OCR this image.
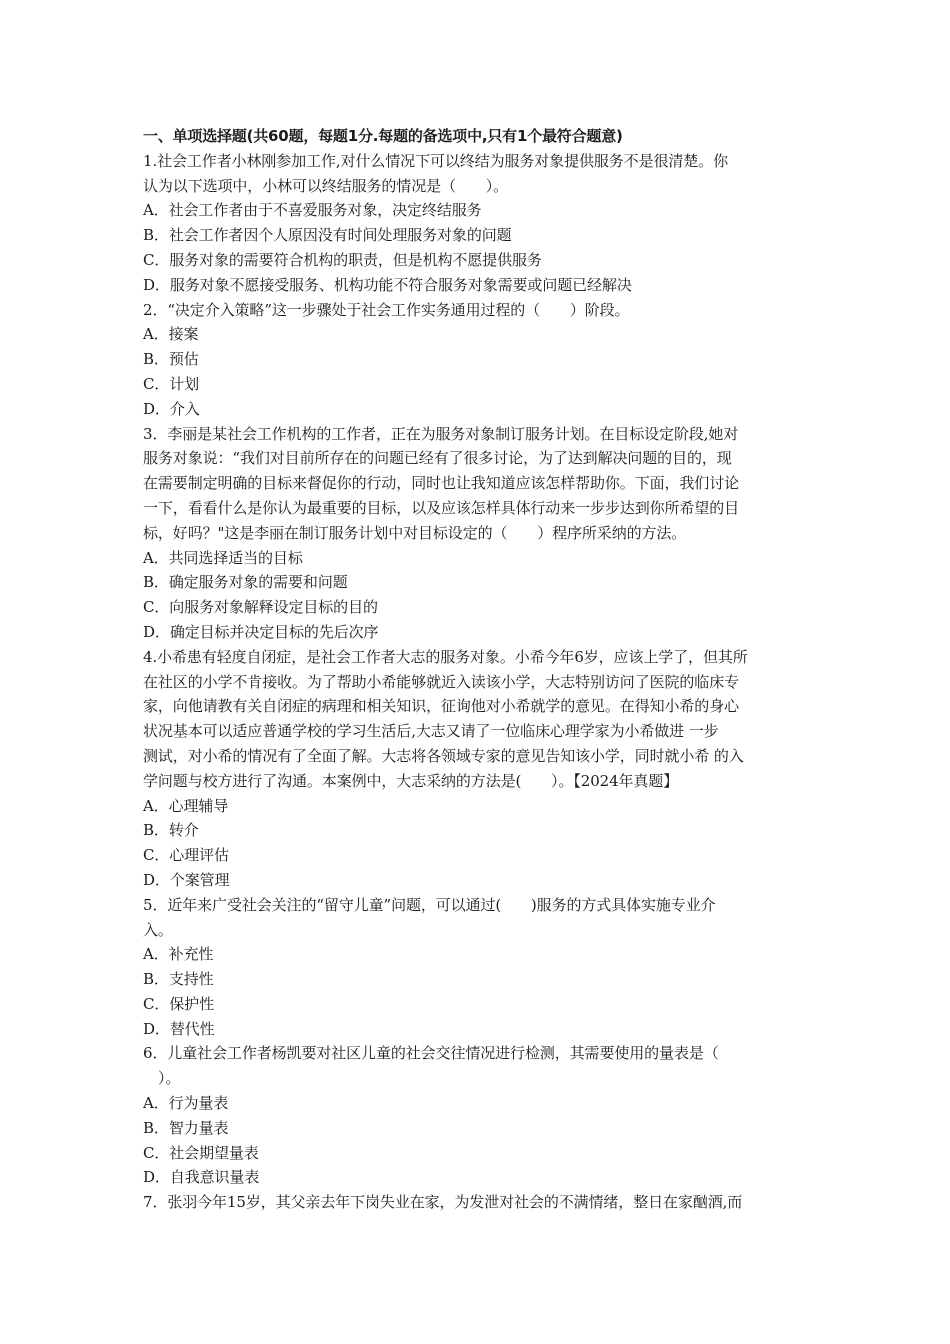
一、单项选择题(共60题，每题1分.每题的备选项中,只有1个最符合题意)
1.社会工作者小林刚参加工作,对什么情况下可以终结为服务对象提供服务不是很清楚。你
认为以下选项中，小林可以终结服务的情况是（　　）。
A．社会工作者由于不喜爱服务对象，决定终结服务
B．社会工作者因个人原因没有时间处理服务对象的问题
C．服务对象的需要符合机构的职责，但是机构不愿提供服务
D．服务对象不愿接受服务、机构功能不符合服务对象需要或问题已经解决
2．“决定介入策略”这一步骤处于社会工作实务通用过程的（　　）阶段。
A．接案
B．预估
C．计划
D．介入
3．李丽是某社会工作机构的工作者，正在为服务对象制订服务计划。在目标设定阶段,她对
服务对象说：“我们对目前所存在的问题已经有了很多讨论，为了达到解决问题的目的，现
在需要制定明确的目标来督促你的行动，同时也让我知道应该怎样帮助你。下面，我们讨论
一下，看看什么是你认为最重要的目标，以及应该怎样具体行动来一步步达到你所希望的目
标，好吗？"这是李丽在制订服务计划中对目标设定的（　　）程序所采纳的方法。
A．共同选择适当的目标
B．确定服务对象的需要和问题
C．向服务对象解释设定目标的目的
D．确定目标并决定目标的先后次序
4.小希患有轻度自闭症，是社会工作者大志的服务对象。小希今年6岁，应该上学了，但其所
在社区的小学不肯接收。为了帮助小希能够就近入读该小学，大志特别访问了医院的临床专
家，向他请教有关自闭症的病理和相关知识，征询他对小希就学的意见。在得知小希的身心
状况基本可以适应普通学校的学习生活后,大志又请了一位临床心理学家为小希做进 一步
测试，对小希的情况有了全面了解。大志将各领域专家的意见告知该小学，同时就小希 的入
学问题与校方进行了沟通。本案例中，大志采纳的方法是(　　）。【2024年真题】
A．心理辅导
B．转介
C．心理评估
D．个案管理
5．近年来广受社会关注的“留守儿童”问题，可以通过(　　)服务的方式具体实施专业介
入。
A．补充性
B．支持性
C．保护性
D．替代性
6．儿童社会工作者杨凯要对社区儿童的社会交往情况进行检测，其需要使用的量表是（
）。
A．行为量表
B．智力量表
C．社会期望量表
D．自我意识量表
7．张羽今年15岁，其父亲去年下岗失业在家，为发泄对社会的不满情绪，整日在家酗酒,而
